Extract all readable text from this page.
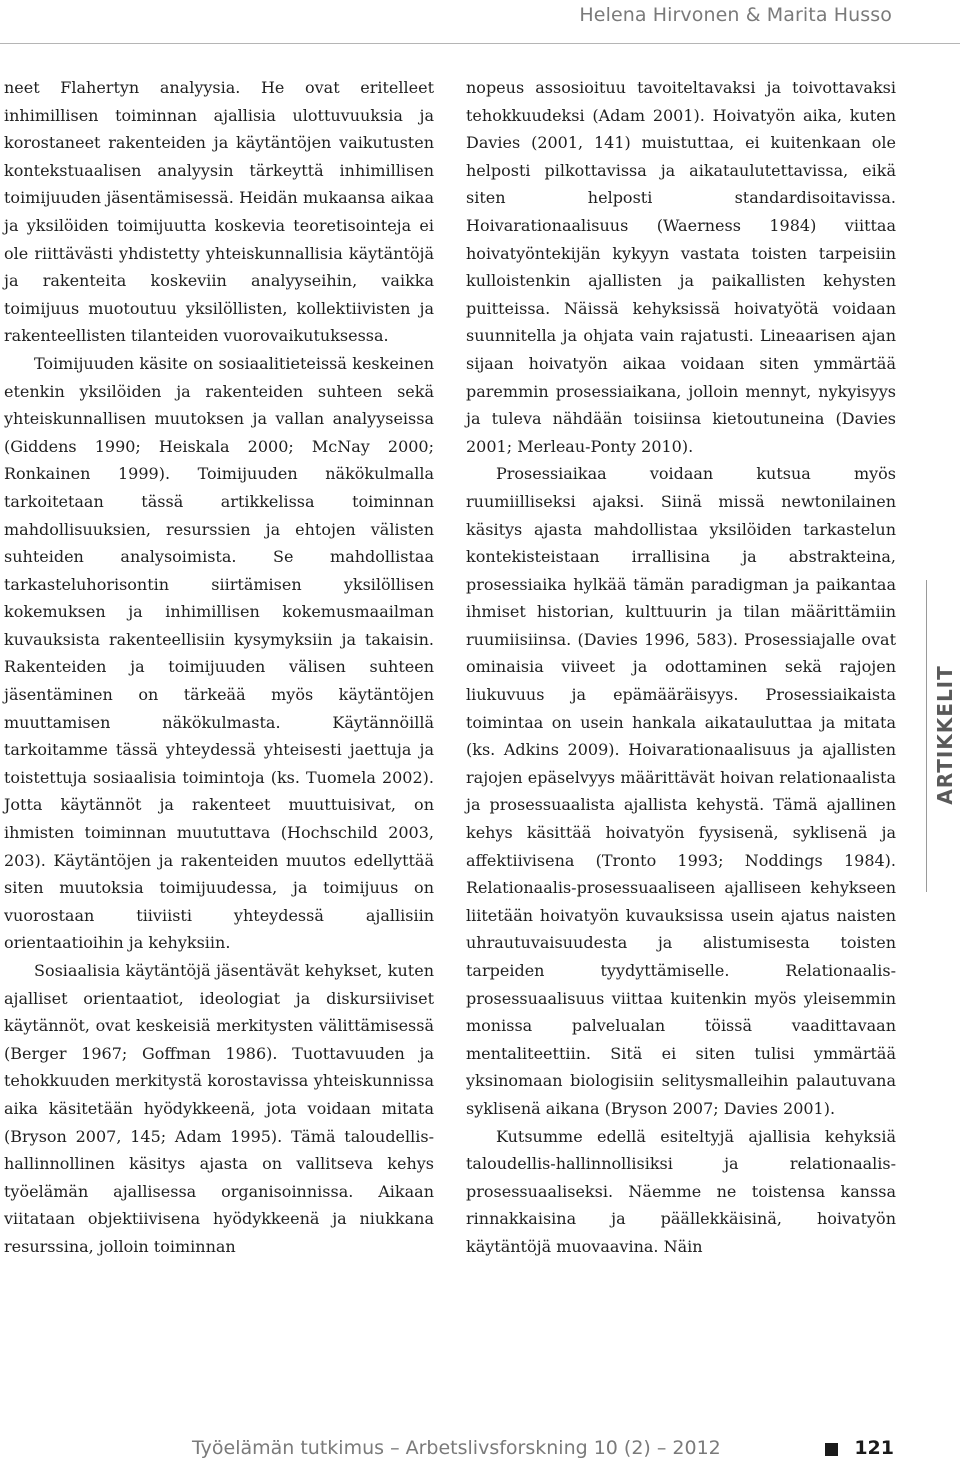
Helena Hirvonen & Marita Husso

neet Flahertyn analyysia. He ovat eritelleet inhimillisen toiminnan ajallisia ulottuvuuksia ja korostaneet rakenteiden ja käytäntöjen vaikutusten kontekstuaalisen analyysin tärkeyttä inhimillisen toimijuuden jäsentämisessä. Heidän mukaansa aikaa ja yksilöiden toimijuutta koskevia teoretisointeja ei ole riittävästi yhdistetty yhteiskunnallisia käytäntöjä ja rakenteita koskeviin analyyseihin, vaikka toimijuus muotoutuu yksilöllisten, kollektiivisten ja rakenteellisten tilanteiden vuorovaikutuksessa.

Toimijuuden käsite on sosiaalitieteissä keskeinen etenkin yksilöiden ja rakenteiden suhteen sekä yhteiskunnallisen muutoksen ja vallan analyyseissa (Giddens 1990; Heiskala 2000; McNay 2000; Ronkainen 1999). Toimijuuden näkökulmalla tarkoitetaan tässä artikkelissa toiminnan mahdollisuuksien, resurssien ja ehtojen välisten suhteiden analysoimista. Se mahdollistaa tarkasteluhorisontin siirtämisen yksilöllisen kokemuksen ja inhimillisen kokemusmaailman kuvauksista rakenteellisiin kysymyksiin ja takaisin. Rakenteiden ja toimijuuden välisen suhteen jäsentäminen on tärkeää myös käytäntöjen muuttamisen näkökulmasta. Käytännöillä tarkoitamme tässä yhteydessä yhteisesti jaettuja ja toistettuja sosiaalisia toimintoja (ks. Tuomela 2002). Jotta käytännöt ja rakenteet muuttuisivat, on ihmisten toiminnan muututtava (Hochschild 2003, 203). Käytäntöjen ja rakenteiden muutos edellyttää siten muutoksia toimijuudessa, ja toimijuus on vuorostaan tiiviisti yhteydessä ajallisiin orientaatioihin ja kehyksiin.

Sosiaalisia käytäntöjä jäsentävät kehykset, kuten ajalliset orientaatiot, ideologiat ja diskursiiviset käytännöt, ovat keskeisiä merkitysten välittämisessä (Berger 1967; Goffman 1986). Tuottavuuden ja tehokkuuden merkitystä korostavissa yhteiskunnissa aika käsitetään hyödykkeenä, jota voidaan mitata (Bryson 2007, 145; Adam 1995). Tämä taloudellis-hallinnollinen käsitys ajasta on vallitseva kehys työelämän ajallisessa organisoinnissa. Aikaan viitataan objektiivisena hyödykkeenä ja niukkana resurssina, jolloin toiminnan

nopeus assosioituu tavoiteltavaksi ja toivottavaksi tehokkuudeksi (Adam 2001). Hoivatyön aika, kuten Davies (2001, 141) muistuttaa, ei kuitenkaan ole helposti pilkottavissa ja aikataulutettavissa, eikä siten helposti standardisoitavissa. Hoivarationaalisuus (Waerness 1984) viittaa hoivatyöntekijän kykyyn vastata toisten tarpeisiin kulloistenkin ajallisten ja paikallisten kehysten puitteissa. Näissä kehyksissä hoivatyötä voidaan suunnitella ja ohjata vain rajatusti. Lineaarisen ajan sijaan hoivatyön aikaa voidaan siten ymmärtää paremmin prosessiaikana, jolloin mennyt, nykyisyys ja tuleva nähdään toisiinsa kietoutuneina (Davies 2001; Merleau-Ponty 2010).

Prosessiaikaa voidaan kutsua myös ruumiilliseksi ajaksi. Siinä missä newtonilainen käsitys ajasta mahdollistaa yksilöiden tarkastelun kontekisteistaan irrallisina ja abstrakteina, prosessiaika hylkää tämän paradigman ja paikantaa ihmiset historian, kulttuurin ja tilan määrittämiin ruumiisiinsa. (Davies 1996, 583). Prosessiajalle ovat ominaisia viiveet ja odottaminen sekä rajojen liukuvuus ja epämääräisyys. Prosessiaikaista toimintaa on usein hankala aikatauluttaa ja mitata (ks. Adkins 2009). Hoivarationaalisuus ja ajallisten rajojen epäselvyys määrittävät hoivan relationaalista ja prosessuaalista ajallista kehystä. Tämä ajallinen kehys käsittää hoivatyön fyysisenä, syklisenä ja affektiivisena (Tronto 1993; Noddings 1984). Relationaalis-prosessuaaliseen ajalliseen kehykseen liitetään hoivatyön kuvauksissa usein ajatus naisten uhrautuvaisuudesta ja alistumisesta toisten tarpeiden tyydyttämiselle. Relationaalis-prosessuaalisuus viittaa kuitenkin myös yleisemmin monissa palvelualan töissä vaadittavaan mentaliteettiin. Sitä ei siten tulisi ymmärtää yksinomaan biologisiin selitysmalleihin palautuvana syklisenä aikana (Bryson 2007; Davies 2001).

Kutsumme edellä esiteltyjä ajallisia kehyksiä taloudellis-hallinnollisiksi ja relationaalis-prosessuaaliseksi. Näemme ne toistensa kanssa rinnakkaisina ja päällekkäisinä, hoivatyön käytäntöjä muovaavina. Näin

ARTIKKELIT
Työelämän tutkimus – Arbetslivsforskning 10 (2) – 2012	121
